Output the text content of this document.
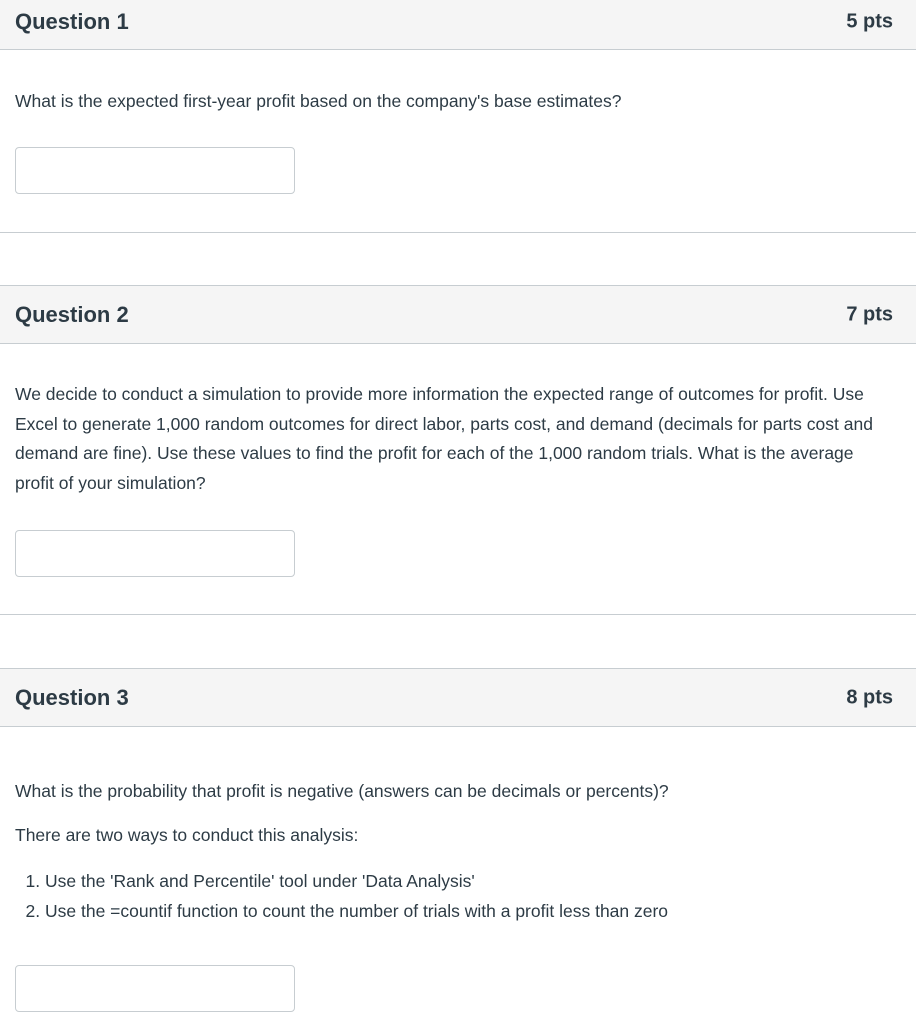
Question 1	5 pts
What is the expected first-year profit based on the company's base estimates?
Question 2	7 pts
We decide to conduct a simulation to provide more information the expected range of outcomes for profit. Use Excel to generate 1,000 random outcomes for direct labor, parts cost, and demand (decimals for parts cost and demand are fine). Use these values to find the profit for each of the 1,000 random trials. What is the average profit of your simulation?
Question 3	8 pts
What is the probability that profit is negative (answers can be decimals or percents)?
There are two ways to conduct this analysis:
1. Use the 'Rank and Percentile' tool under 'Data Analysis'
2. Use the =countif function to count the number of trials with a profit less than zero
